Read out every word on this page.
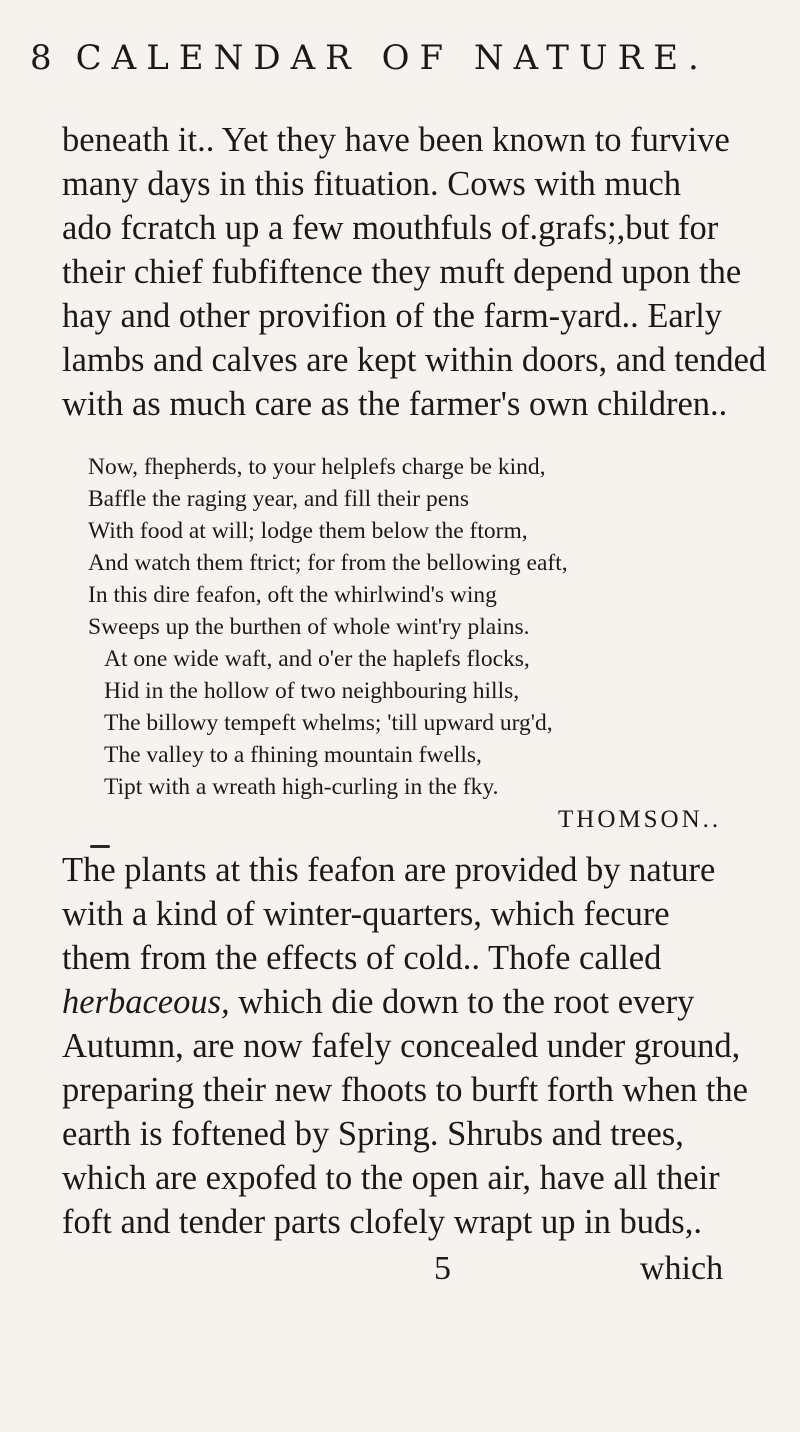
8 CALENDAR OF NATURE.
beneath it.. Yet they have been known to furvive
many days in this fituation. Cows with much
ado fcratch up a few mouthfuls of.grafs;,but for
their chief fubfiftence they muft depend upon the
hay and other provifion of the farm-yard.. Early
lambs and calves are kept within doors, and tended
with as much care as the farmer's own children..
Now, fhepherds, to your helplefs charge be kind,
Baffle the raging year, and fill their pens
With food at will; lodge them below the ftorm,
And watch them ftrict; for from the bellowing eaft,
In this dire feafon, oft the whirlwind's wing
Sweeps up the burthen of whole wint'ry plains.
At one wide waft, and o'er the haplefs flocks,
Hid in the hollow of two neighbouring hills,
The billowy tempeft whelms; 'till upward urg'd,
The valley to a fhining mountain fwells,
Tipt with a wreath high-curling in the fky.
THOMSON..
The plants at this feafon are provided by nature
with a kind of winter-quarters, which fecure
them from the effects of cold.. Thofe called
herbaceous, which die down to the root every
Autumn, are now fafely concealed under ground,
preparing their new fhoots to burft forth when the
earth is foftened by Spring. Shrubs and trees,
which are expofed to the open air, have all their
foft and tender parts clofely wrapt up in buds,.
5	which
